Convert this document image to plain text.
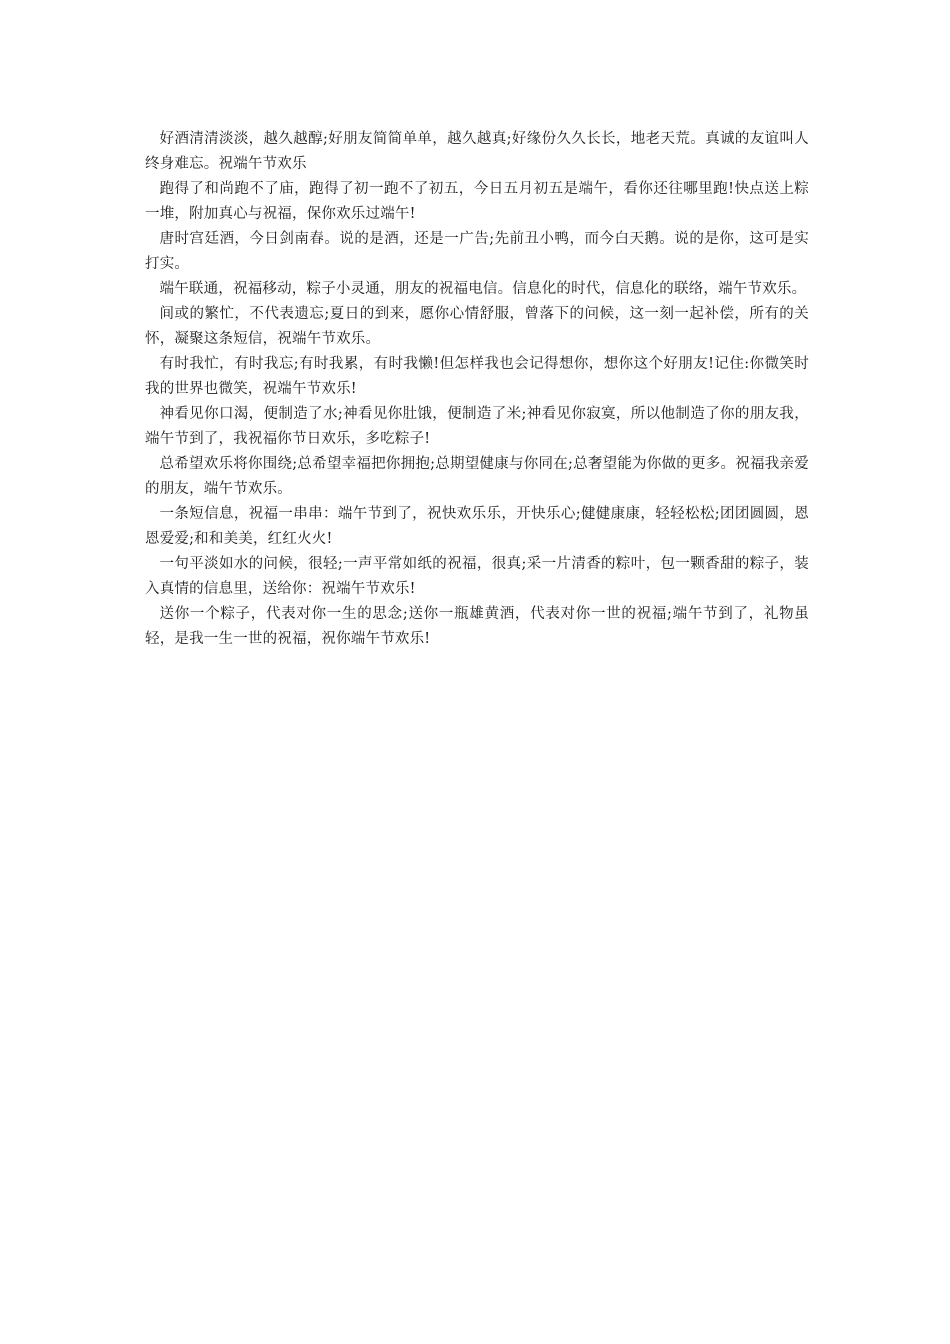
好酒清清淡淡，越久越醇;好朋友简简单单，越久越真;好缘份久久长长，地老天荒。真诚的友谊叫人终身难忘。祝端午节欢乐

跑得了和尚跑不了庙，跑得了初一跑不了初五，今日五月初五是端午，看你还往哪里跑!快点送上粽一堆，附加真心与祝福，保你欢乐过端午!

唐时宫廷酒，今日剑南春。说的是酒，还是一广告;先前丑小鸭，而今白天鹅。说的是你，这可是实打实。

端午联通，祝福移动，粽子小灵通，朋友的祝福电信。信息化的时代，信息化的联络，端午节欢乐。

间或的繁忙，不代表遗忘;夏日的到来，愿你心情舒服，曾落下的问候，这一刻一起补偿，所有的关怀，凝聚这条短信，祝端午节欢乐。

有时我忙，有时我忘;有时我累，有时我懒!但怎样我也会记得想你，想你这个好朋友!记住:你微笑时我的世界也微笑，祝端午节欢乐!

神看见你口渴，便制造了水;神看见你肚饿，便制造了米;神看见你寂寞，所以他制造了你的朋友我，端午节到了，我祝福你节日欢乐，多吃粽子!

总希望欢乐将你围绕;总希望幸福把你拥抱;总期望健康与你同在;总奢望能为你做的更多。祝福我亲爱的朋友，端午节欢乐。

一条短信息，祝福一串串：端午节到了，祝快欢乐乐，开快乐心;健健康康，轻轻松松;团团圆圆，恩恩爱爱;和和美美，红红火火!

一句平淡如水的问候，很轻;一声平常如纸的祝福，很真;采一片清香的粽叶，包一颗香甜的粽子，装入真情的信息里，送给你：祝端午节欢乐!

送你一个粽子，代表对你一生的思念;送你一瓶雄黄酒，代表对你一世的祝福;端午节到了，礼物虽轻，是我一生一世的祝福，祝你端午节欢乐!
